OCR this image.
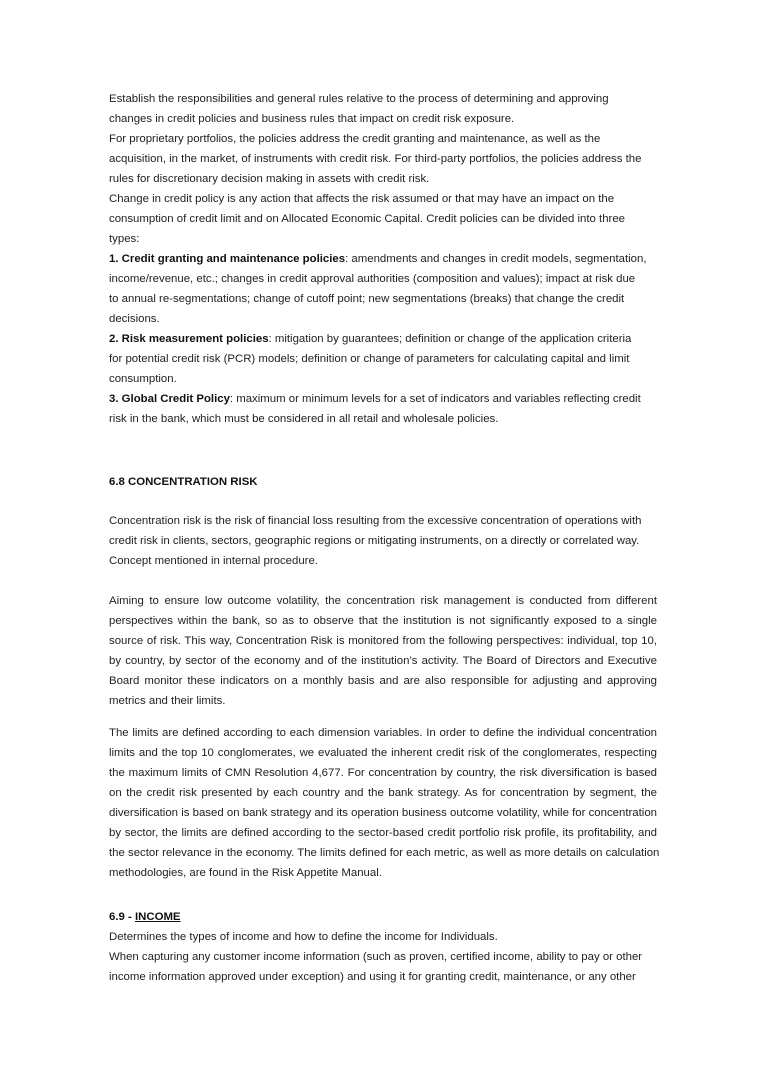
Establish the responsibilities and general rules relative to the process of determining and approving
changes in credit policies and business rules that impact on credit risk exposure.
For proprietary portfolios, the policies address the credit granting and maintenance, as well as the
acquisition, in the market, of instruments with credit risk. For third-party portfolios, the policies address the
rules for discretionary decision making in assets with credit risk.
Change in credit policy is any action that affects the risk assumed or that may have an impact on the
consumption of credit limit and on Allocated Economic Capital. Credit policies can be divided into three
types:
1. Credit granting and maintenance policies: amendments and changes in credit models, segmentation,
income/revenue, etc.; changes in credit approval authorities (composition and values); impact at risk due
to annual re-segmentations; change of cutoff point; new segmentations (breaks) that change the credit
decisions.
2. Risk measurement policies: mitigation by guarantees; definition or change of the application criteria
for potential credit risk (PCR) models; definition or change of parameters for calculating capital and limit
consumption.
3. Global Credit Policy: maximum or minimum levels for a set of indicators and variables reflecting credit
risk in the bank, which must be considered in all retail and wholesale policies.
6.8 CONCENTRATION RISK
Concentration risk is the risk of financial loss resulting from the excessive concentration of operations with
credit risk in clients, sectors, geographic regions or mitigating instruments, on a directly or correlated way.
Concept mentioned in internal procedure.
Aiming to ensure low outcome volatility, the concentration risk management is conducted from different
perspectives within the bank, so as to observe that the institution is not significantly exposed to a single
source of risk. This way, Concentration Risk is monitored from the following perspectives: individual, top 10,
by country, by sector of the economy and of the institution’s activity. The Board of Directors and Executive
Board monitor these indicators on a monthly basis and are also responsible for adjusting and approving
metrics and their limits.
The limits are defined according to each dimension variables. In order to define the individual concentration
limits and the top 10 conglomerates, we evaluated the inherent credit risk of the conglomerates, respecting
the maximum limits of CMN Resolution 4,677. For concentration by country, the risk diversification is based
on the credit risk presented by each country and the bank strategy. As for concentration by segment, the
diversification is based on bank strategy and its operation business outcome volatility, while for concentration
by sector, the limits are defined according to the sector-based credit portfolio risk profile, its profitability, and
the sector relevance in the economy. The limits defined for each metric, as well as more details on calculation
methodologies, are found in the Risk Appetite Manual.
6.9 - INCOME
Determines the types of income and how to define the income for Individuals.
When capturing any customer income information (such as proven, certified income, ability to pay or other
income information approved under exception) and using it for granting credit, maintenance, or any other
